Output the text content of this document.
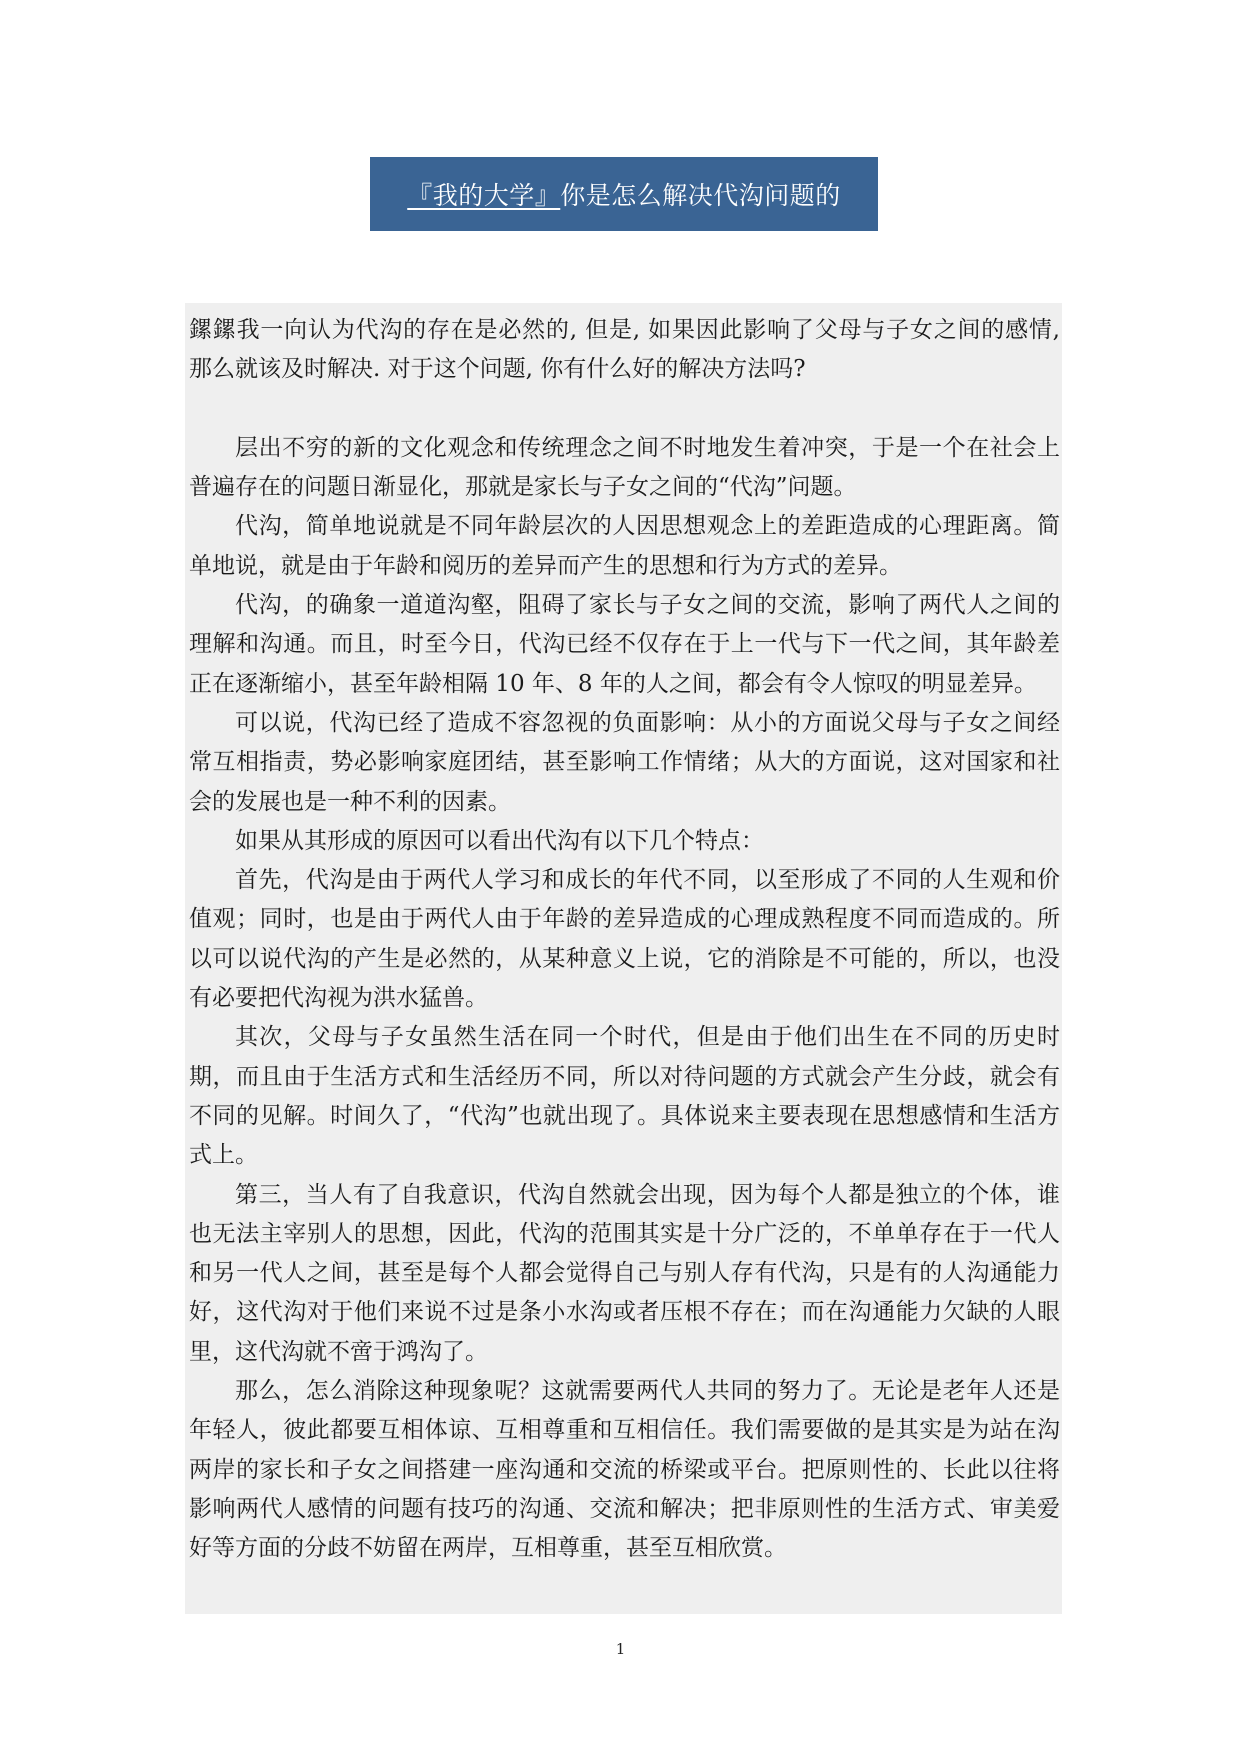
『我的大学』 你是怎么解决代沟问题的

鏍鏍我一向认为代沟的存在是必然的, 但是, 如果因此影响了父母与子女之间的感情, 那么就该及时解决. 对于这个问题, 你有什么好的解决方法吗?

层出不穷的新的文化观念和传统理念之间不时地发生着冲突，于是一个在社会上普遍存在的问题日渐显化，那就是家长与子女之间的“代沟”问题。

代沟，简单地说就是不同年龄层次的人因思想观念上的差距造成的心理距离。简单地说，就是由于年龄和阅历的差异而产生的思想和行为方式的差异。

代沟，的确象一道道沟壑，阻碍了家长与子女之间的交流，影响了两代人之间的理解和沟通。而且，时至今日，代沟已经不仅存在于上一代与下一代之间，其年龄差正在逐渐缩小，甚至年龄相隔 10 年、8 年的人之间，都会有令人惊叹的明显差异。

可以说，代沟已经了造成不容忽视的负面影响：从小的方面说父母与子女之间经常互相指责，势必影响家庭团结，甚至影响工作情绪；从大的方面说，这对国家和社会的发展也是一种不利的因素。

如果从其形成的原因可以看出代沟有以下几个特点：

首先，代沟是由于两代人学习和成长的年代不同，以至形成了不同的人生观和价值观；同时，也是由于两代人由于年龄的差异造成的心理成熟程度不同而造成的。所以可以说代沟的产生是必然的，从某种意义上说，它的消除是不可能的，所以，也没有必要把代沟视为洪水猛兽。

其次，父母与子女虽然生活在同一个时代，但是由于他们出生在不同的历史时期，而且由于生活方式和生活经历不同，所以对待问题的方式就会产生分歧，就会有不同的见解。时间久了，“代沟”也就出现了。具体说来主要表现在思想感情和生活方式上。

第三，当人有了自我意识，代沟自然就会出现，因为每个人都是独立的个体，谁也无法主宰别人的思想，因此，代沟的范围其实是十分广泛的，不单单存在于一代人和另一代人之间，甚至是每个人都会觉得自己与别人存有代沟，只是有的人沟通能力好，这代沟对于他们来说不过是条小水沟或者压根不存在；而在沟通能力欠缺的人眼里，这代沟就不啻于鸿沟了。

那么，怎么消除这种现象呢？这就需要两代人共同的努力了。无论是老年人还是年轻人，彼此都要互相体谅、互相尊重和互相信任。我们需要做的是其实是为站在沟两岸的家长和子女之间搭建一座沟通和交流的桥梁或平台。把原则性的、长此以往将影响两代人感情的问题有技巧的沟通、交流和解决；把非原则性的生活方式、审美爱好等方面的分歧不妨留在两岸，互相尊重，甚至互相欣赏。

1
